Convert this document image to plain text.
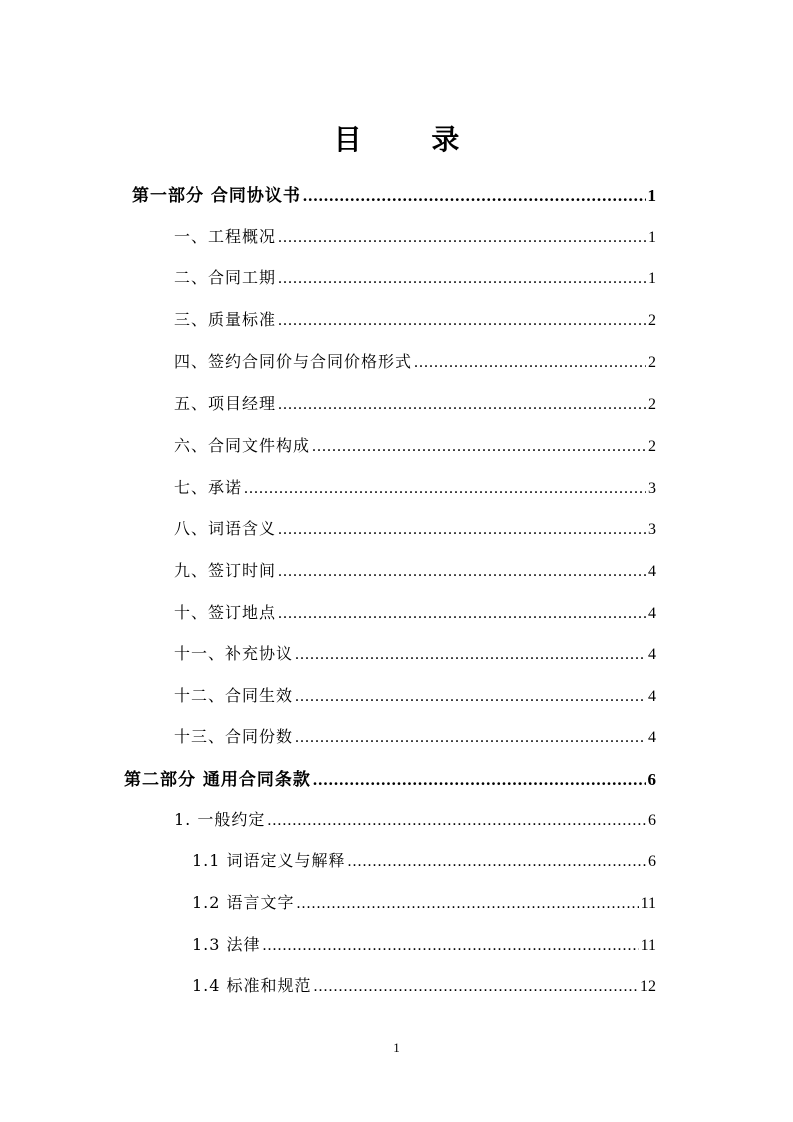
目 录
第一部分 合同协议书 .....	1
一、工程概况 .....	1
二、合同工期 .....	1
三、质量标准 .....	2
四、签约合同价与合同价格形式 .....	2
五、项目经理 .....	2
六、合同文件构成 .....	2
七、承诺 .....	3
八、词语含义 .....	3
九、签订时间 .....	4
十、签订地点 .....	4
十一、补充协议 .....	4
十二、合同生效 .....	4
十三、合同份数 .....	4
第二部分 通用合同条款 .....	6
1. 一般约定 .....	6
1.1 词语定义与解释 .....	6
1.2 语言文字 .....	11
1.3 法律 .....	11
1.4 标准和规范 .....	12
1
